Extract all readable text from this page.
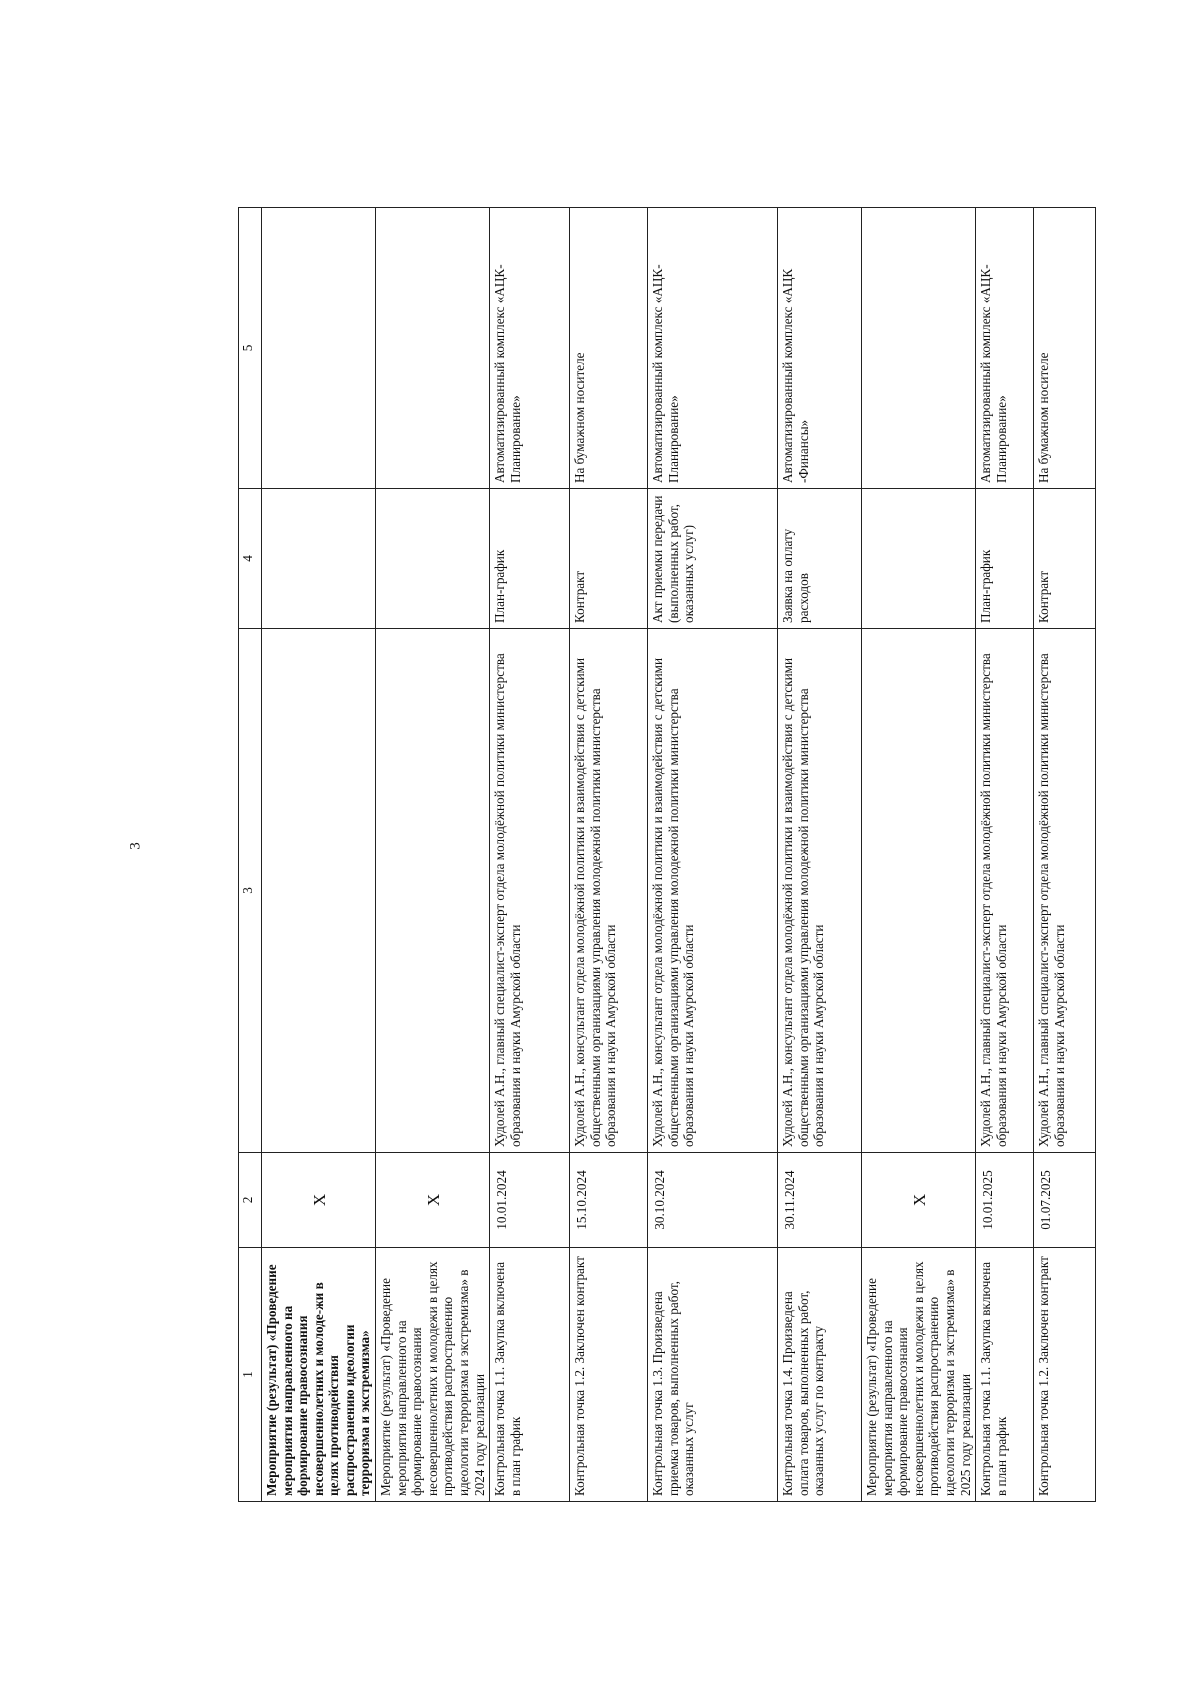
3
1	2	3	4	5
Мероприятие (результат) «Проведение мероприятия направленного на формирование правосознания несовершеннолетних и молоде-жи в целях противодействия распространению идеологии терроризма и экстремизма»	X			
Мероприятие (результат) «Проведение мероприятия направленного на формирование правосознания несовершеннолетних и молодежи в целях противодействия распространению идеологии терроризма и экстремизма» в 2024 году реализации	X			
Контрольная точка 1.1. Закупка включена в план график	10.01.2024	Худолей А.Н., главный специалист-эксперт отдела молодёжной политики министерства образования и науки Амурской области	План-график	Автоматизированный комплекс «АЦК-Планирование»
Контрольная точка 1.2. Заключен контракт	15.10.2024	Худолей А.Н., консультант отдела молодёжной политики и взаимодействия с детскими общественными организациями управления молодежной политики министерства образования и науки Амурской области	Контракт	На бумажном носителе
Контрольная точка 1.3. Произведена приемка товаров, выполненных работ, оказанных услуг	30.10.2024	Худолей А.Н., консультант отдела молодёжной политики и взаимодействия с детскими общественными организациями управления молодежной политики министерства образования и науки Амурской области	Акт приемки передачи (выполненных работ, оказанных услуг)	Автоматизированный комплекс «АЦК-Планирование»
Контрольная точка 1.4. Произведена оплата товаров, выполненных работ, оказанных услуг по контракту	30.11.2024	Худолей А.Н., консультант отдела молодёжной политики и взаимодействия с детскими общественными организациями управления молодежной политики министерства образования и науки Амурской области	Заявка на оплату расходов	Автоматизированный комплекс «АЦК -Финансы»
Мероприятие (результат) «Проведение мероприятия направленного на формирование правосознания несовершеннолетних и молодежи в целях противодействия распространению идеологии терроризма и экстремизма» в 2025 году реализации	X			
Контрольная точка 1.1. Закупка включена в план график	10.01.2025	Худолей А.Н., главный специалист-эксперт отдела молодёжной политики министерства образования и науки Амурской области	План-график	Автоматизированный комплекс «АЦК-Планирование»
Контрольная точка 1.2. Заключен контракт	01.07.2025	Худолей А.Н., главный специалист-эксперт отдела молодёжной политики министерства образования и науки Амурской области	Контракт	На бумажном носителе
